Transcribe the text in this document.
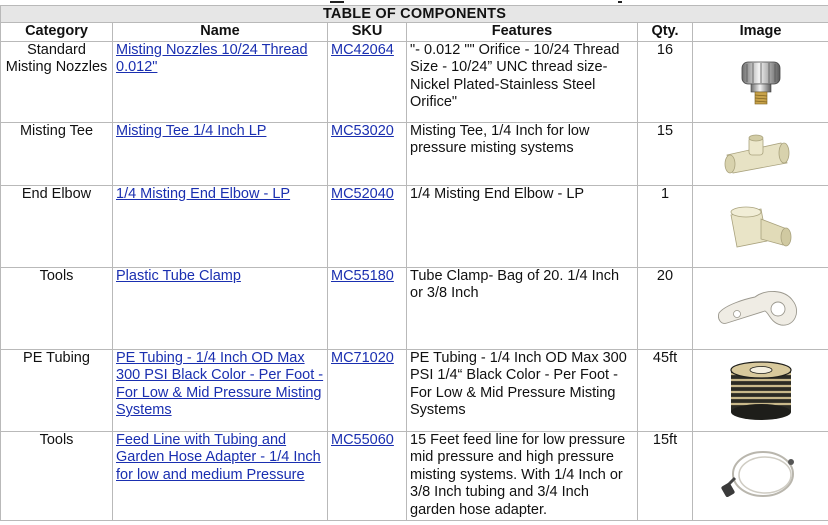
TABLE OF COMPONENTS					
Category	Name	SKU	Features	Qty.	Image
Standard Misting Nozzles	Misting Nozzles 10/24 Thread 0.012"	MC42064	"- 0.012 "" Orifice - 10/24 Thread Size - 10/24” UNC thread size- Nickel Plated-Stainless Steel Orifice"	16	

Misting Tee	Misting Tee 1/4 Inch LP	MC53020	Misting Tee, 1/4 Inch for low pressure misting systems	15	

End Elbow	1/4 Misting End Elbow - LP	MC52040	1/4 Misting End Elbow - LP	1	

Tools	Plastic Tube Clamp	MC55180	Tube Clamp- Bag of 20. 1/4 Inch or 3/8 Inch	20	

PE Tubing	PE Tubing - 1/4 Inch OD Max 300 PSI Black Color - Per Foot - For Low & Mid Pressure Misting Systems	MC71020	PE Tubing - 1/4 Inch OD Max 300 PSI 1/4“ Black Color - Per Foot - For Low & Mid Pressure Misting Systems	45ft	

Tools	Feed Line with Tubing and Garden Hose Adapter - 1/4 Inch for low and medium Pressure	MC55060	15 Feet feed line for low pressure mid pressure and high pressure misting systems. With 1/4 Inch or 3/8 Inch tubing and 3/4 Inch garden hose adapter.	15ft	
